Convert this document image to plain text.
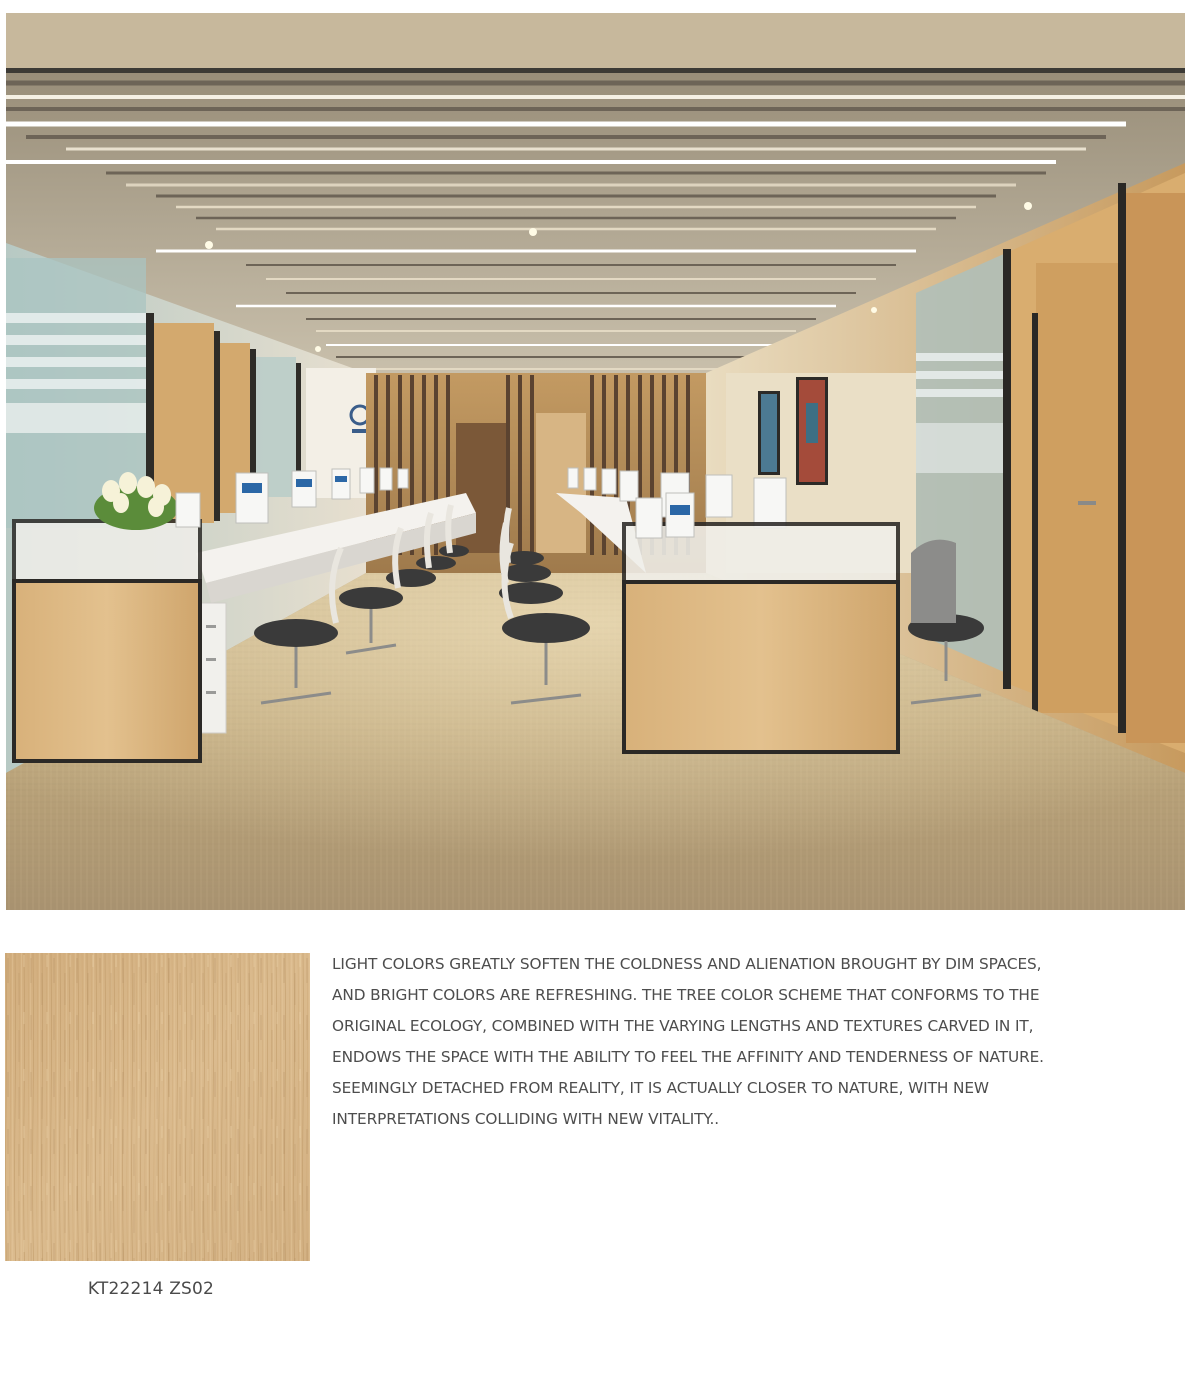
KT22214 ZS02

LIGHT COLORS GREATLY SOFTEN THE COLDNESS AND ALIENATION BROUGHT BY DIM SPACES,
AND BRIGHT COLORS ARE REFRESHING. THE TREE COLOR SCHEME THAT CONFORMS TO THE
ORIGINAL ECOLOGY, COMBINED WITH THE VARYING LENGTHS AND TEXTURES CARVED IN IT,
ENDOWS THE SPACE WITH THE ABILITY TO FEEL THE AFFINITY AND TENDERNESS OF NATURE.
SEEMINGLY DETACHED FROM REALITY, IT IS ACTUALLY CLOSER TO NATURE, WITH NEW
INTERPRETATIONS COLLIDING WITH NEW VITALITY..
